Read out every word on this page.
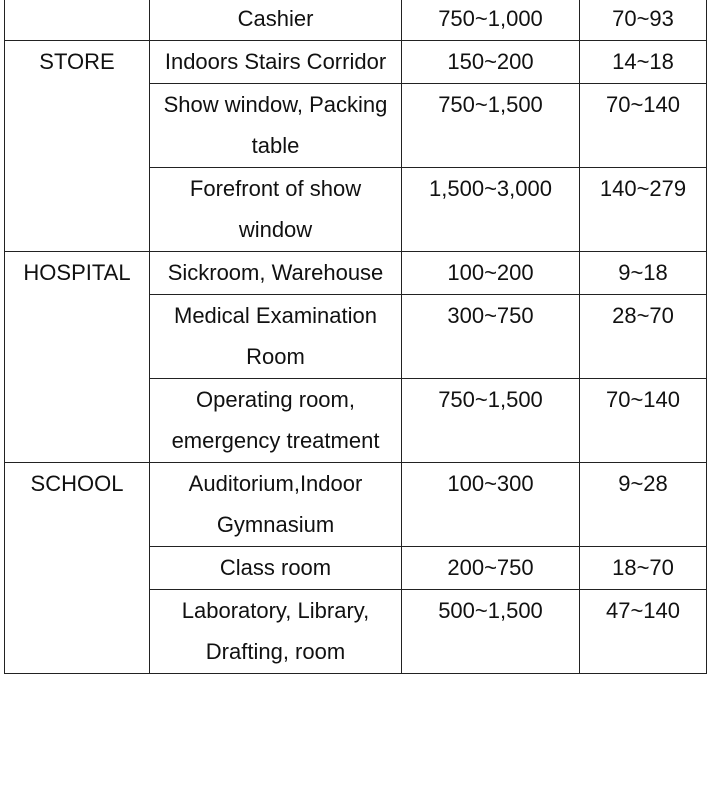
	Cashier	750~1,000	70~93
STORE	Indoors Stairs Corridor	150~200	14~18
	Show window, Packing table	750~1,500	70~140
	Forefront of show window	1,500~3,000	140~279
HOSPITAL	Sickroom, Warehouse	100~200	9~18
	Medical Examination Room	300~750	28~70
	Operating room, emergency treatment	750~1,500	70~140
SCHOOL	Auditorium,Indoor Gymnasium	100~300	9~28
	Class room	200~750	18~70
	Laboratory, Library, Drafting, room	500~1,500	47~140
